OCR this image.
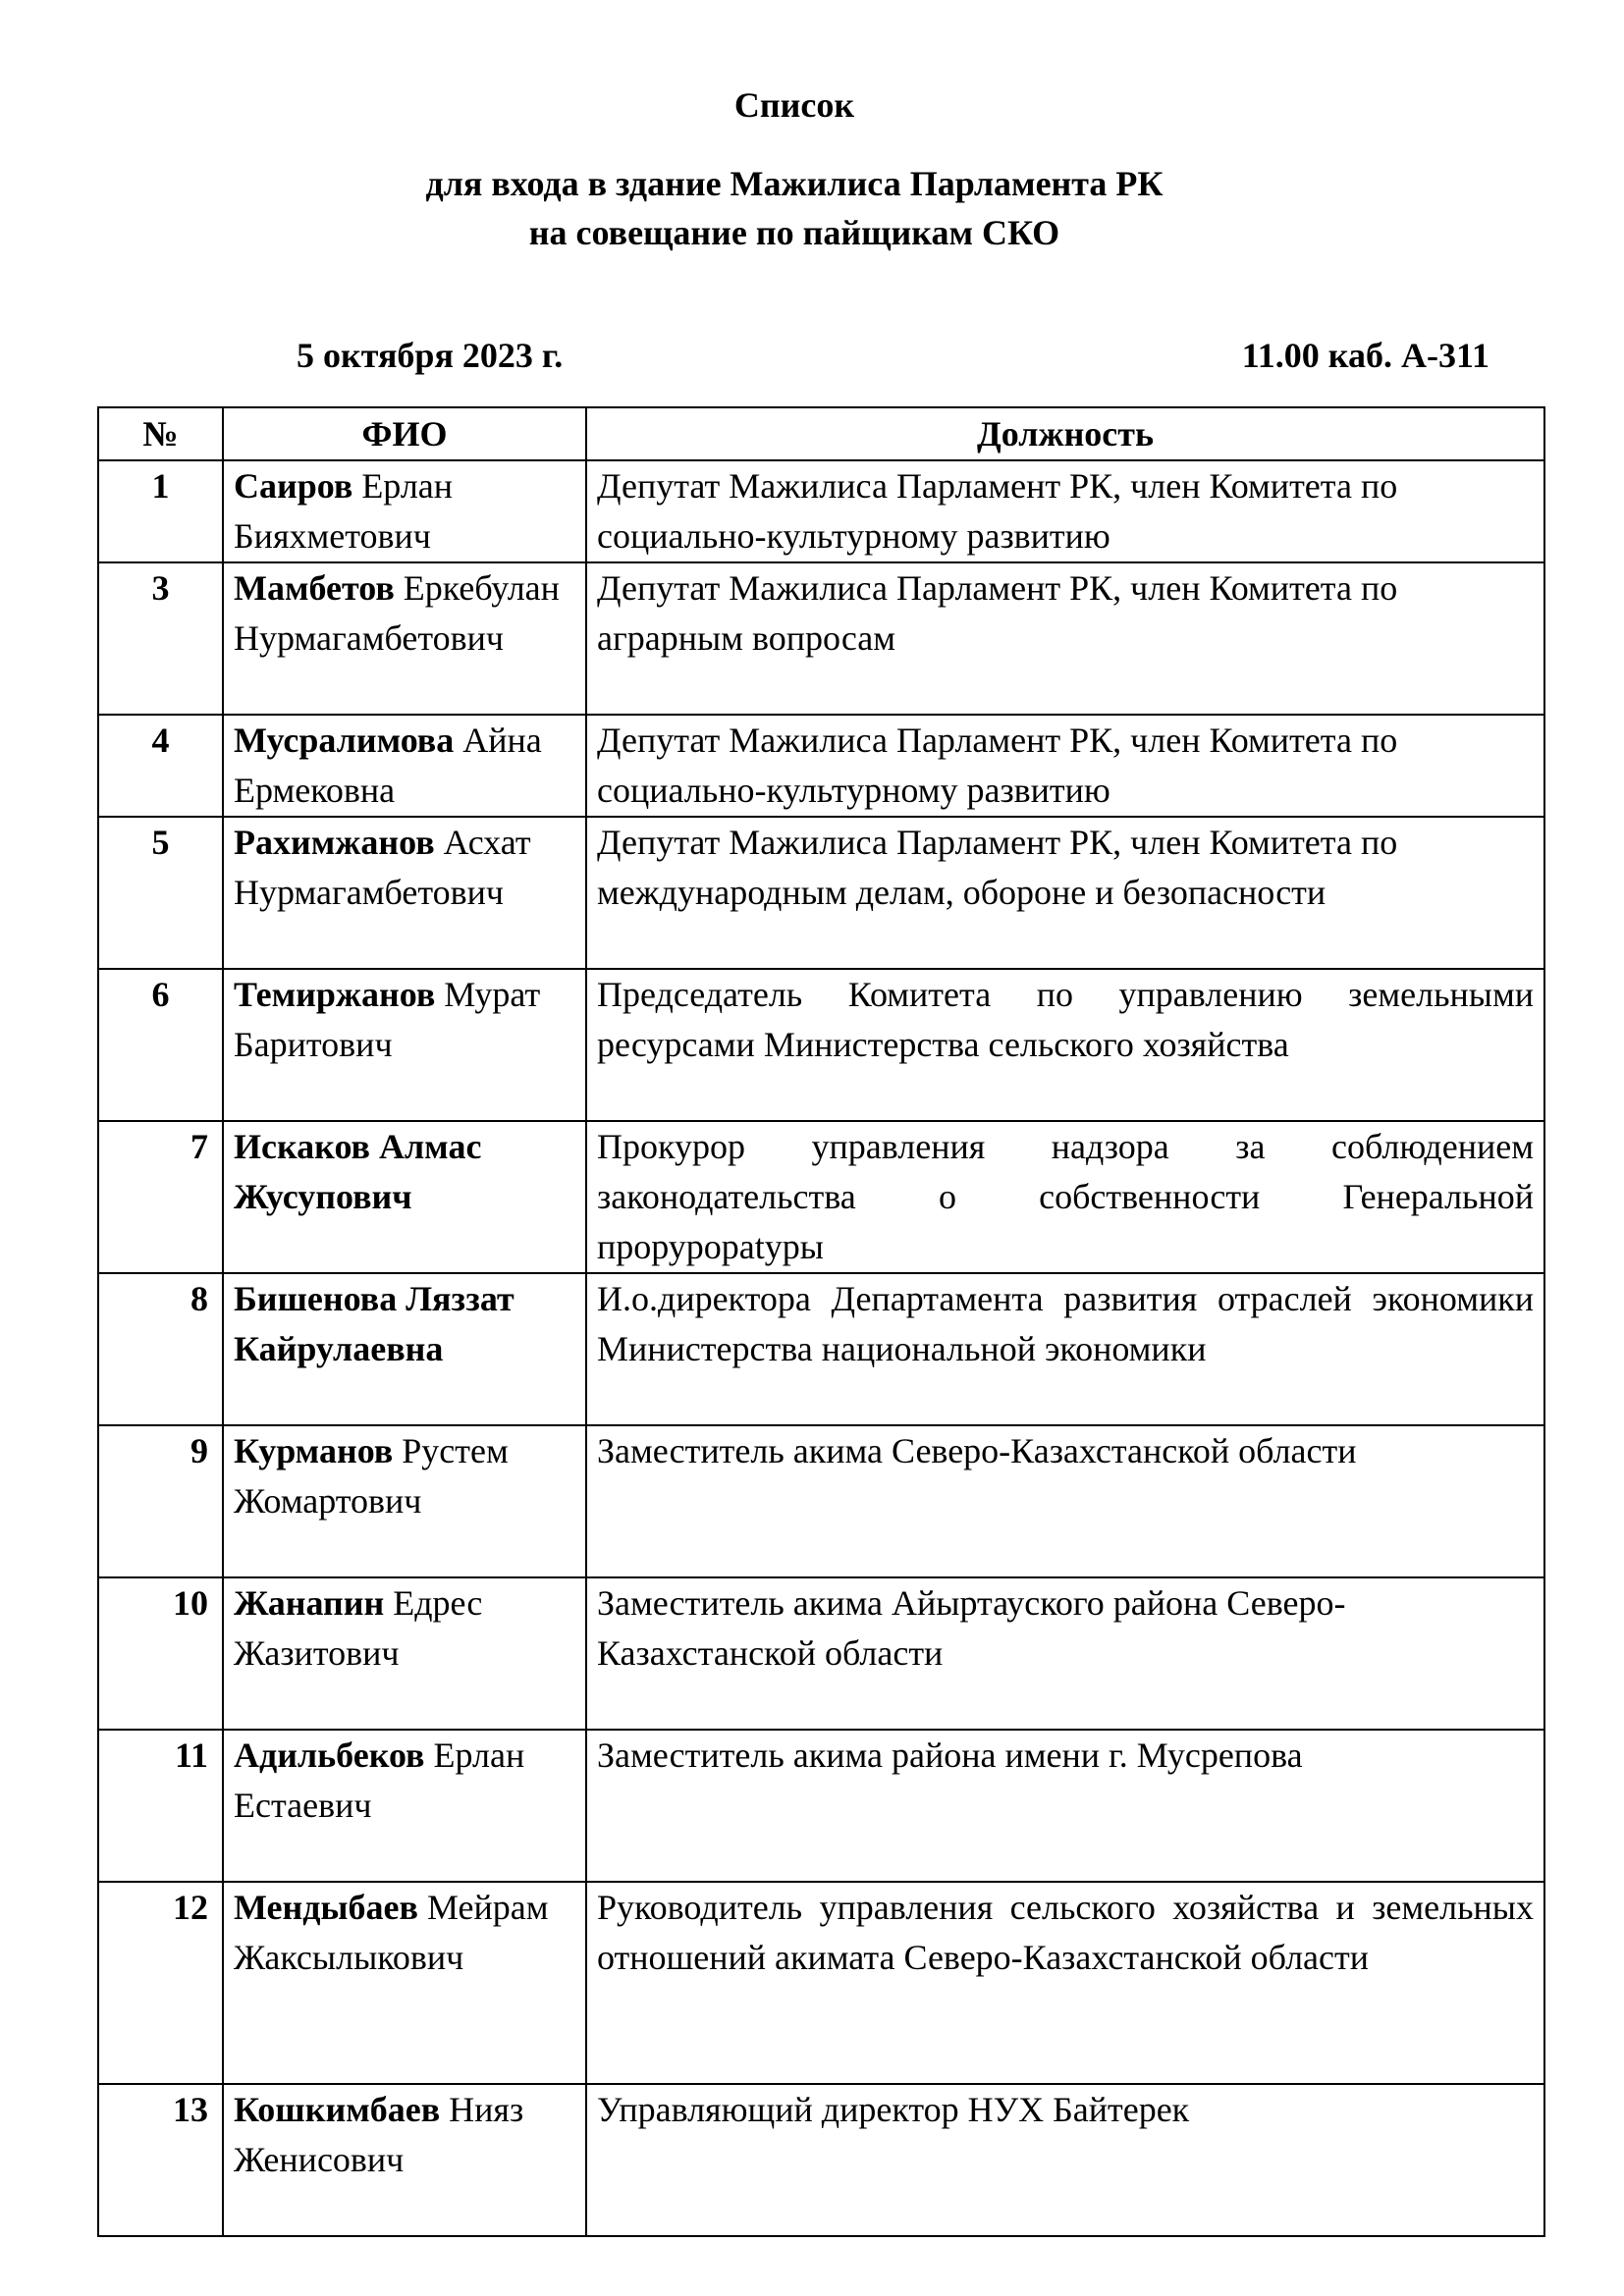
Список
для входа в здание Мажилиса Парламента РК
на совещание по пайщикам СКО
5 октября 2023 г.	11.00 каб. А-311
№	ФИО	Должность
1	Саиров Ерлан Бияхметович	Депутат Мажилиса Парламент РК, член Комитета по социально-культурному развитию
3	Мамбетов Еркебулан Нурмагамбетович	Депутат Мажилиса Парламент РК, член Комитета по аграрным вопросам
4	Мусралимова Айна Ермековна	Депутат Мажилиса Парламент РК, член Комитета по социально-культурному развитию
5	Рахимжанов Асхат Нурмагамбетович	Депутат Мажилиса Парламент РК, член Комитета по международным делам, обороне и безопасности
6	Темиржанов Мурат Баритович	Председатель Комитета по управлению земельными ресурсами Министерства сельского хозяйства
7	Искаков Алмас Жусупович	Прокурор управления надзора за соблюдением законодательства о собственности Генеральной прорурорatуры
8	Бишенова Ляззат Кайрулаевна	И.о.директора Департамента развития отраслей экономики Министерства национальной экономики
9	Курманов Рустем Жомартович	Заместитель акима Северо-Казахстанской области
10	Жанапин Едрес Жазитович	Заместитель акима Айыртауского района Северо-Казахстанской области
11	Адильбеков Ерлан Естаевич	Заместитель акима района имени г. Мусрепова
12	Мендыбаев Мейрам Жаксылыкович	Руководитель управления сельского хозяйства и земельных отношений акимата Северо-Казахстанской области
13	Кошкимбаев Нияз Женисович	Управляющий директор НУХ Байтерек
